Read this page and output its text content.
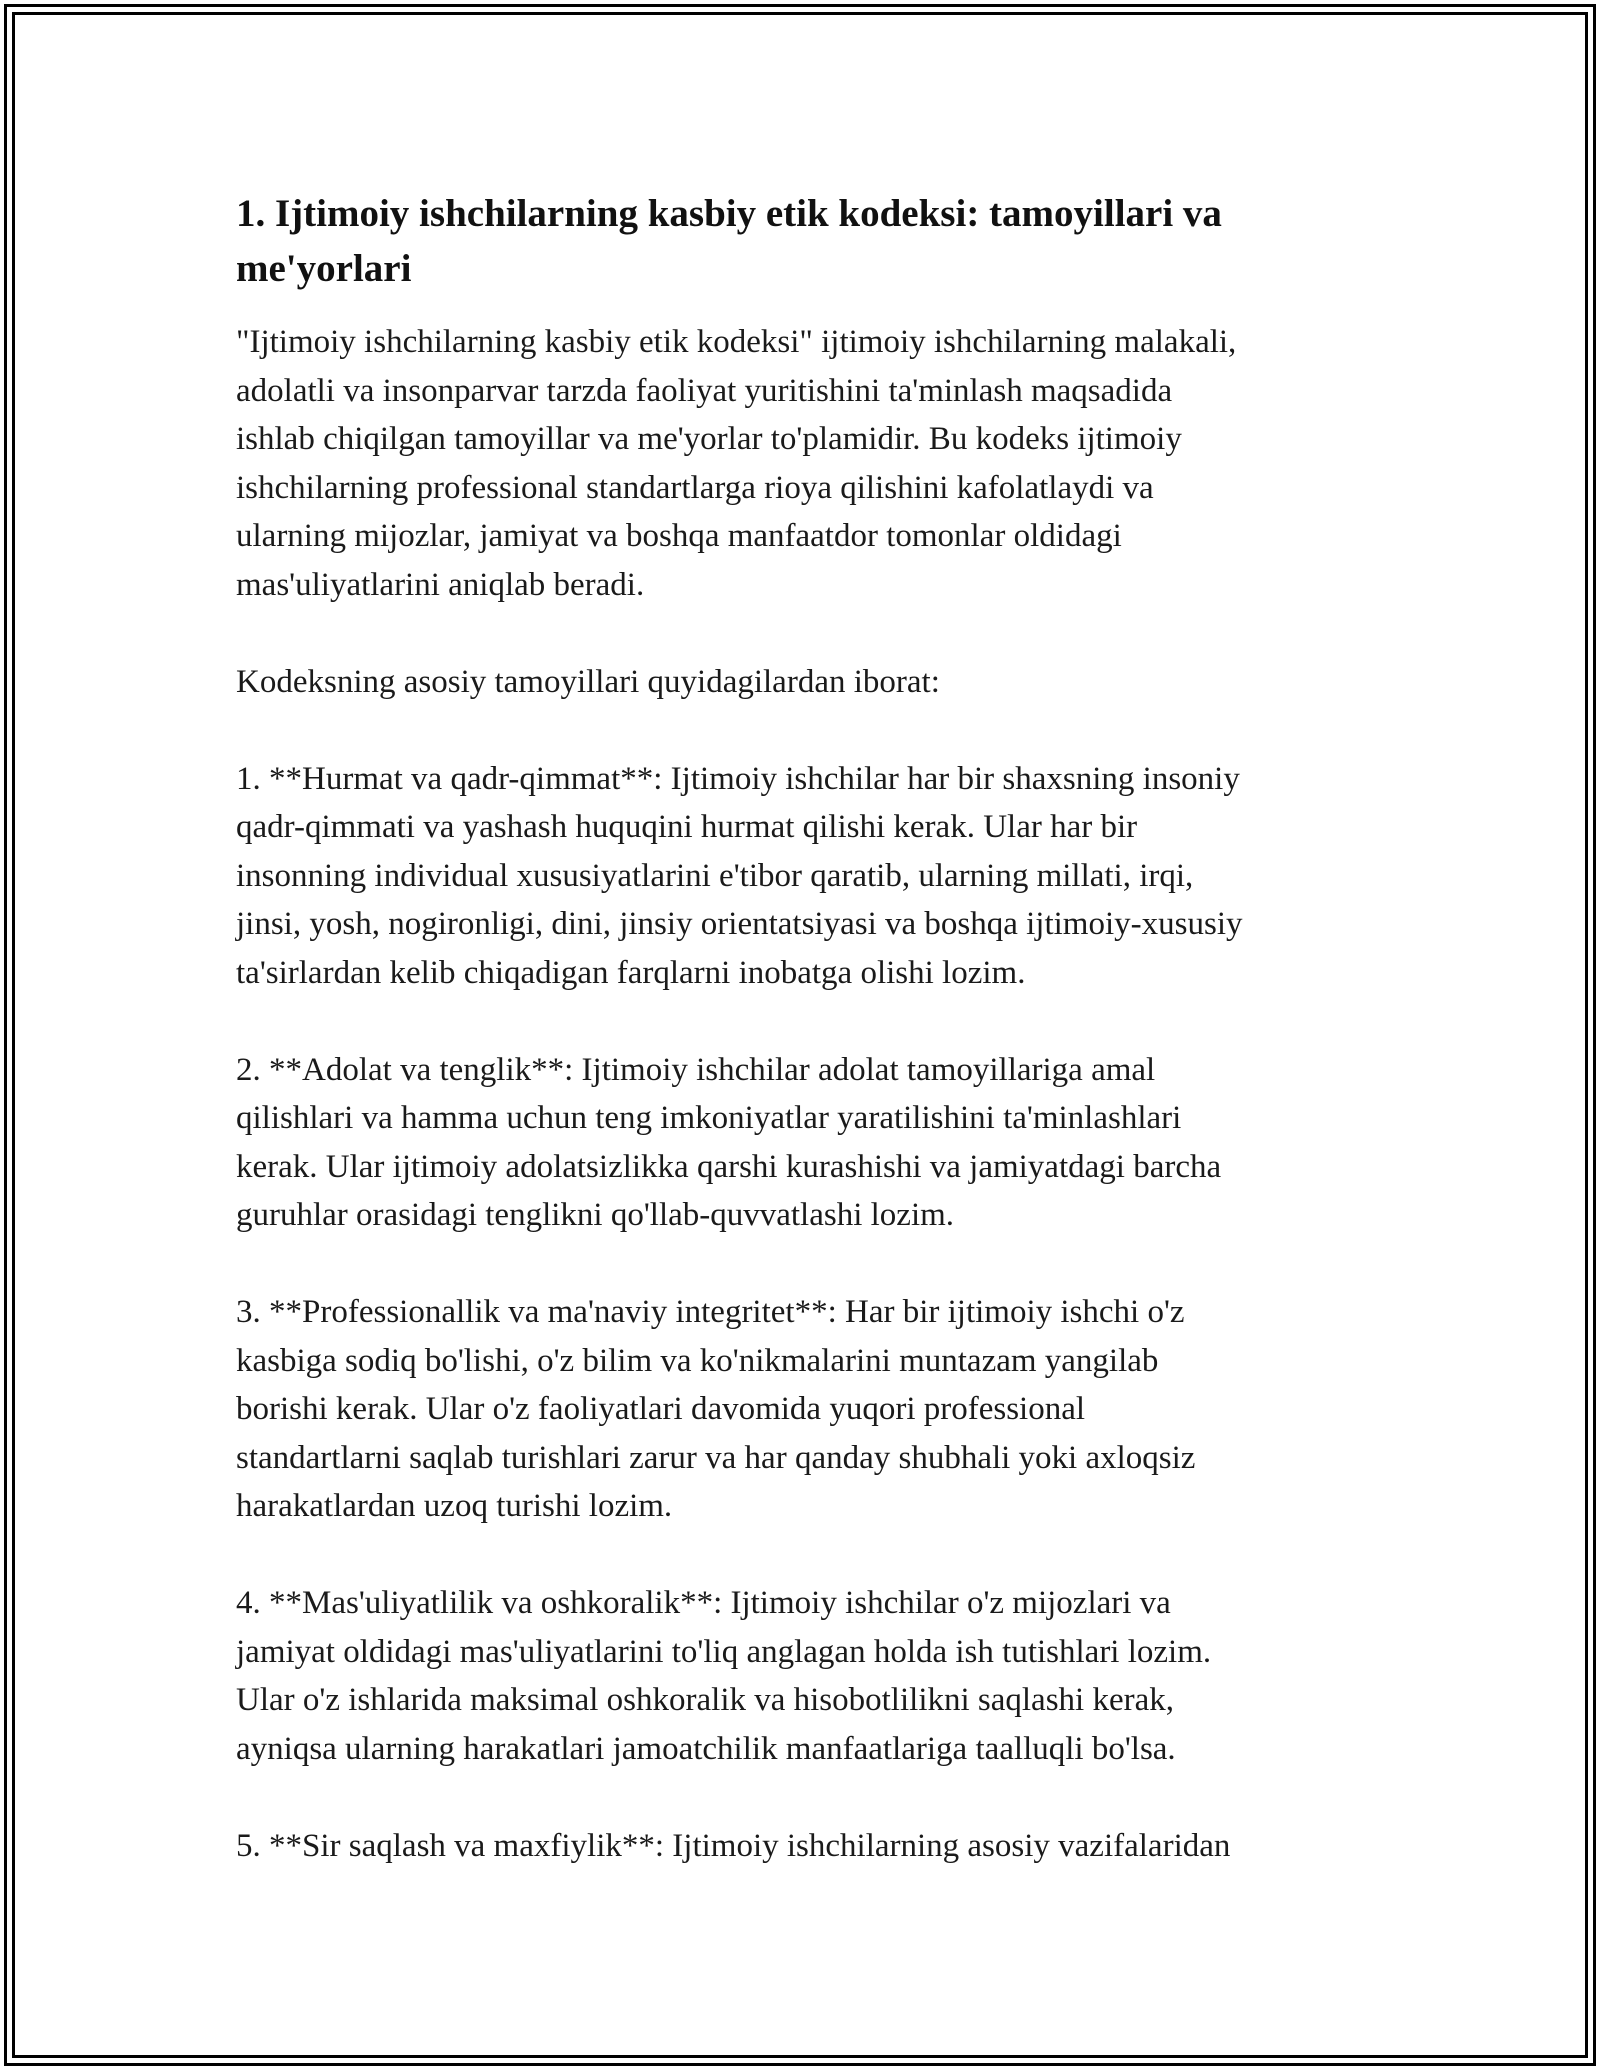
1. Ijtimoiy ishchilarning kasbiy etik kodeksi: tamoyillari va me'yorlari

"Ijtimoiy ishchilarning kasbiy etik kodeksi" ijtimoiy ishchilarning malakali,
adolatli va insonparvar tarzda faoliyat yuritishini ta'minlash maqsadida
ishlab chiqilgan tamoyillar va me'yorlar to'plamidir. Bu kodeks ijtimoiy
ishchilarning professional standartlarga rioya qilishini kafolatlaydi va
ularning mijozlar, jamiyat va boshqa manfaatdor tomonlar oldidagi
mas'uliyatlarini aniqlab beradi.

Kodeksning asosiy tamoyillari quyidagilardan iborat:

1. **Hurmat va qadr-qimmat**: Ijtimoiy ishchilar har bir shaxsning insoniy
qadr-qimmati va yashash huquqini hurmat qilishi kerak. Ular har bir
insonning individual xususiyatlarini e'tibor qaratib, ularning millati, irqi,
jinsi, yosh, nogironligi, dini, jinsiy orientatsiyasi va boshqa ijtimoiy-xususiy
ta'sirlardan kelib chiqadigan farqlarni inobatga olishi lozim.

2. **Adolat va tenglik**: Ijtimoiy ishchilar adolat tamoyillariga amal
qilishlari va hamma uchun teng imkoniyatlar yaratilishini ta'minlashlari
kerak. Ular ijtimoiy adolatsizlikka qarshi kurashishi va jamiyatdagi barcha
guruhlar orasidagi tenglikni qo'llab-quvvatlashi lozim.

3. **Professionallik va ma'naviy integritet**: Har bir ijtimoiy ishchi o'z
kasbiga sodiq bo'lishi, o'z bilim va ko'nikmalarini muntazam yangilab
borishi kerak. Ular o'z faoliyatlari davomida yuqori professional
standartlarni saqlab turishlari zarur va har qanday shubhali yoki axloqsiz
harakatlardan uzoq turishi lozim.

4. **Mas'uliyatlilik va oshkoralik**: Ijtimoiy ishchilar o'z mijozlari va
jamiyat oldidagi mas'uliyatlarini to'liq anglagan holda ish tutishlari lozim.
Ular o'z ishlarida maksimal oshkoralik va hisobotlilikni saqlashi kerak,
ayniqsa ularning harakatlari jamoatchilik manfaatlariga taalluqli bo'lsa.

5. **Sir saqlash va maxfiylik**: Ijtimoiy ishchilarning asosiy vazifalaridan
